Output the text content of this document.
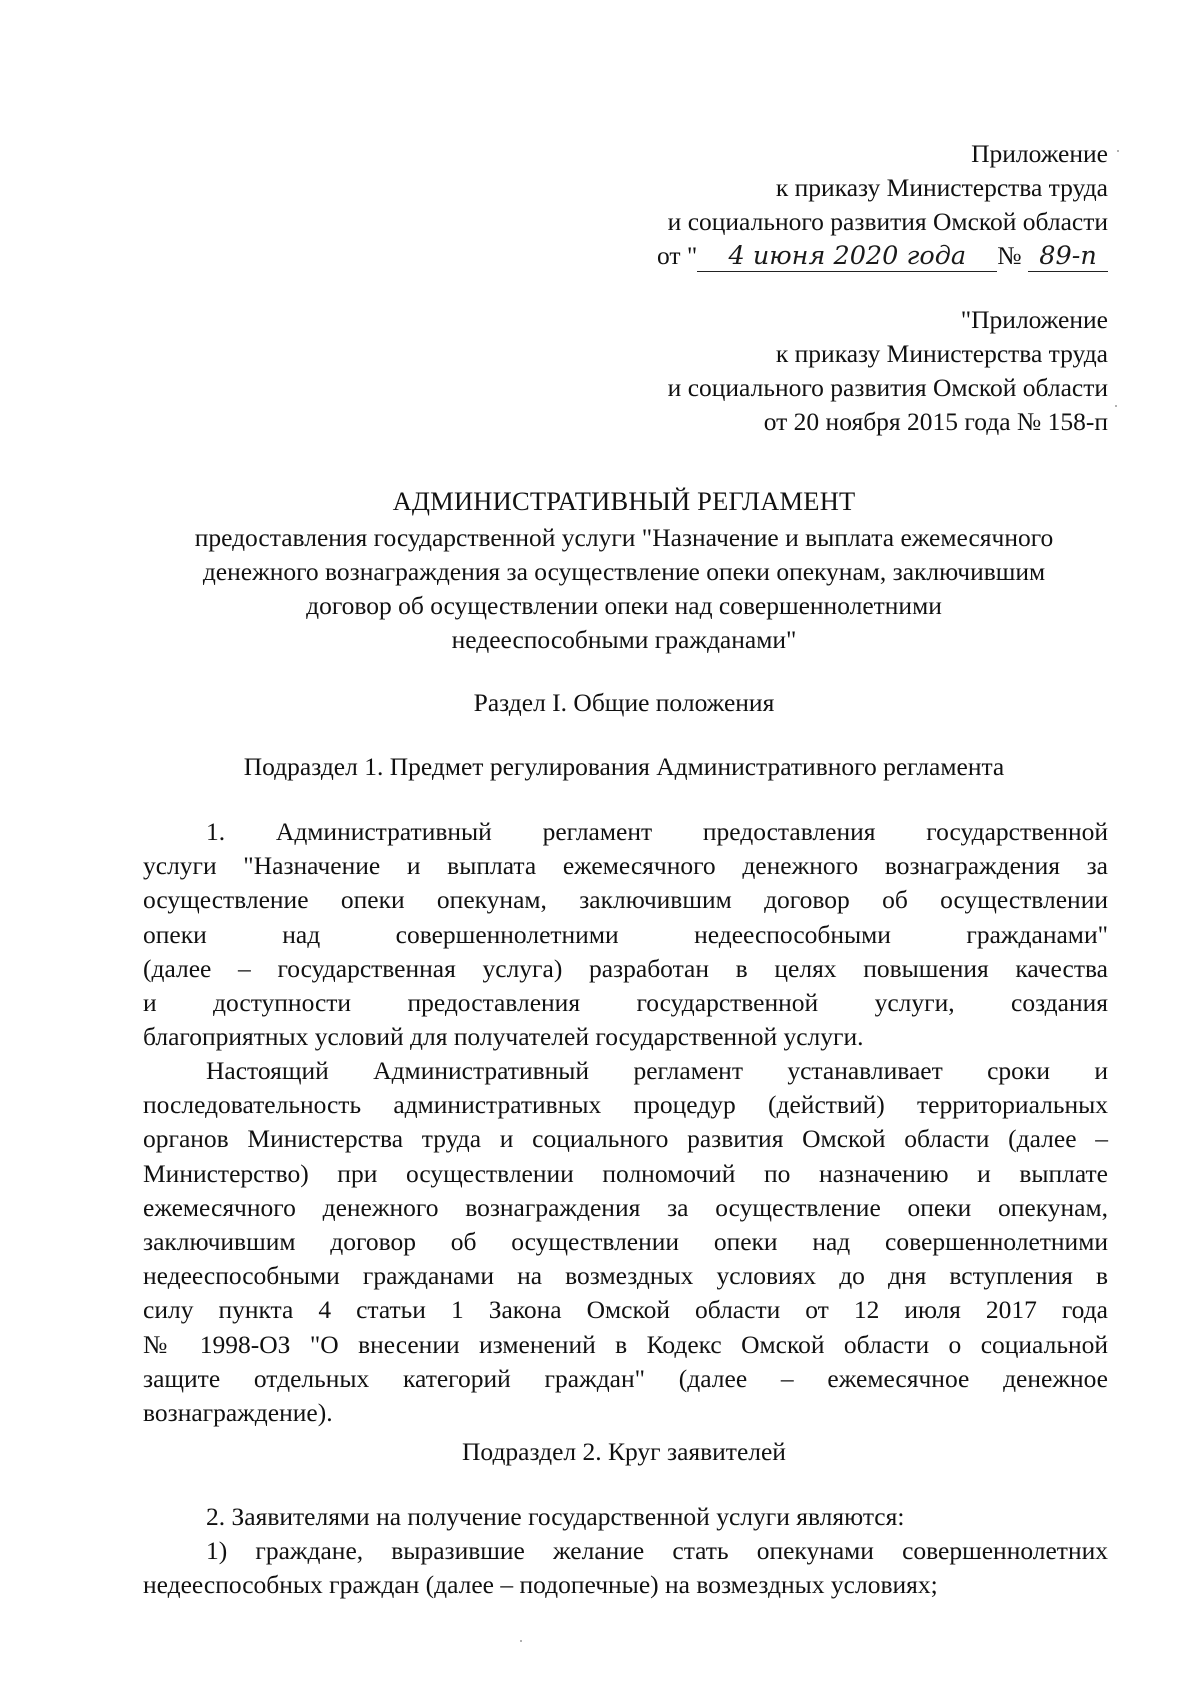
Приложение
к приказу Министерства труда
и социального развития Омской области
от " 4 июня 2020 года № 89-п
"Приложение
к приказу Министерства труда
и социального развития Омской области
от 20 ноября 2015 года № 158-п
АДМИНИСТРАТИВНЫЙ РЕГЛАМЕНТ
предоставления государственной услуги "Назначение и выплата ежемесячного
денежного вознаграждения за осуществление опеки опекунам, заключившим
договор об осуществлении опеки над совершеннолетними
недееспособными гражданами"
Раздел I. Общие положения
Подраздел 1. Предмет регулирования Административного регламента
1. Административный регламент предоставления государственной
услуги "Назначение и выплата ежемесячного денежного вознаграждения за
осуществление опеки опекунам, заключившим договор об осуществлении
опеки над совершеннолетними недееспособными гражданами"
(далее – государственная услуга) разработан в целях повышения качества
и доступности предоставления государственной услуги, создания
благоприятных условий для получателей государственной услуги.
Настоящий Административный регламент устанавливает сроки и
последовательность административных процедур (действий) территориальных
органов Министерства труда и социального развития Омской области (далее –
Министерство) при осуществлении полномочий по назначению и выплате
ежемесячного денежного вознаграждения за осуществление опеки опекунам,
заключившим договор об осуществлении опеки над совершеннолетними
недееспособными гражданами на возмездных условиях до дня вступления в
силу пункта 4 статьи 1 Закона Омской области от 12 июля 2017 года
№ 1998-ОЗ "О внесении изменений в Кодекс Омской области о социальной
защите отдельных категорий граждан" (далее – ежемесячное денежное
вознаграждение).
Подраздел 2. Круг заявителей
2. Заявителями на получение государственной услуги являются:
1) граждане, выразившие желание стать опекунами совершеннолетних
недееспособных граждан (далее – подопечные) на возмездных условиях;
